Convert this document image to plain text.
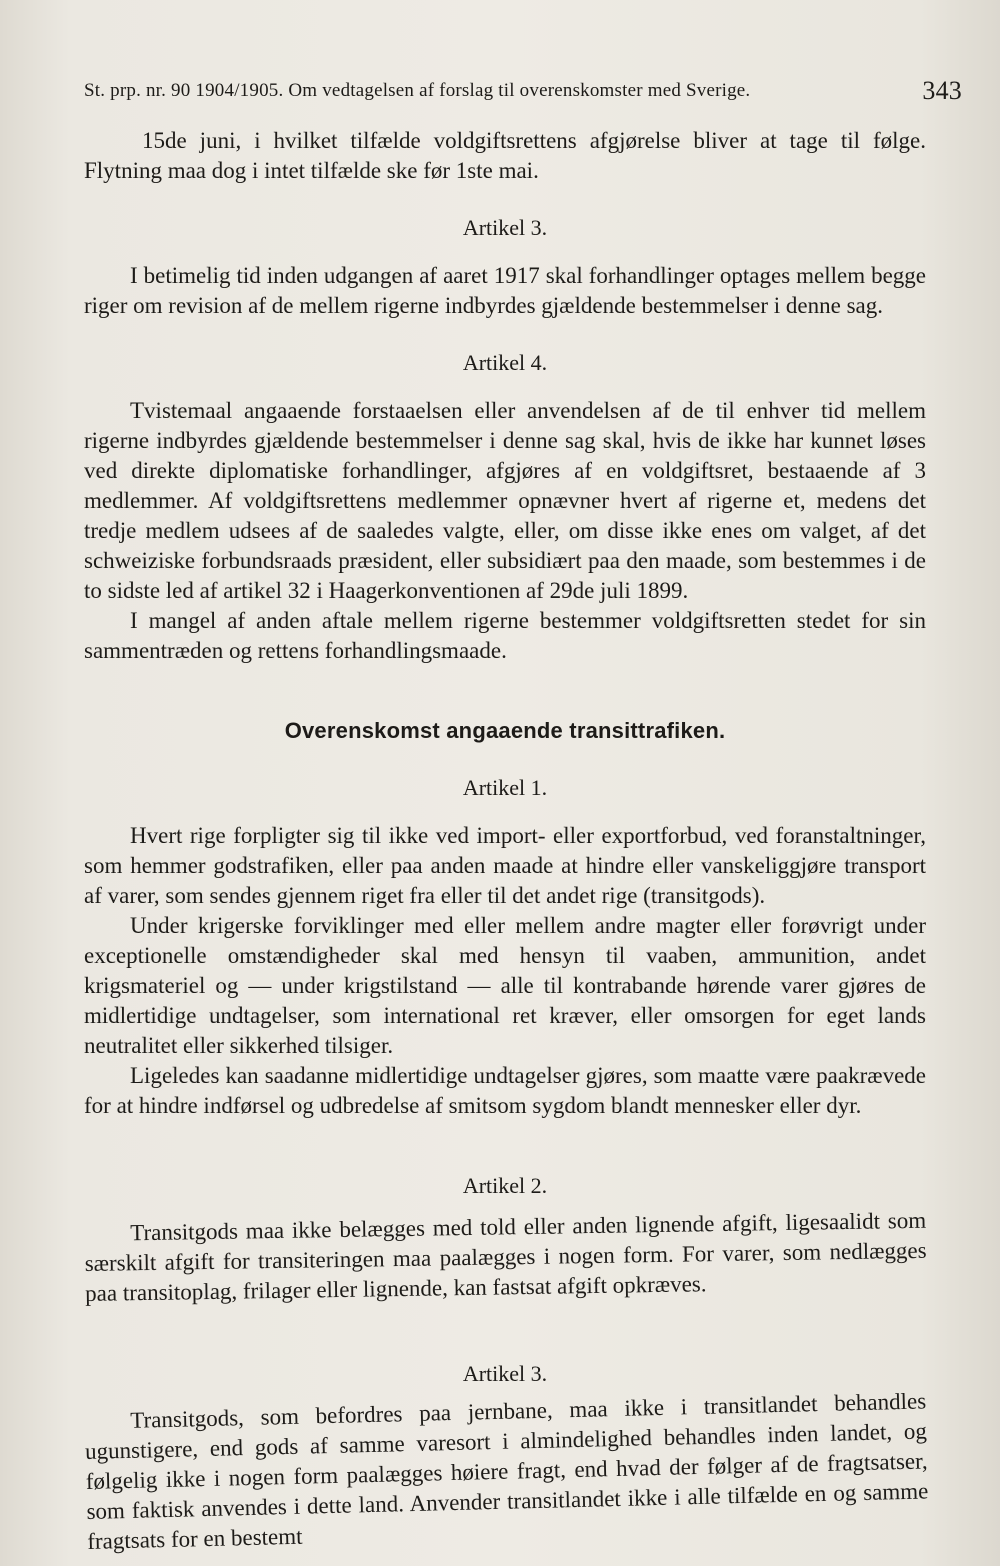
St. prp. nr. 90 1904/1905. Om vedtagelsen af forslag til overenskomster med Sverige.	343

15de juni, i hvilket tilfælde voldgiftsrettens afgjørelse bliver at tage til følge. Flytning maa dog i intet tilfælde ske før 1ste mai.

Artikel 3.

I betimelig tid inden udgangen af aaret 1917 skal forhandlinger optages mellem begge riger om revision af de mellem rigerne indbyrdes gjældende bestemmelser i denne sag.

Artikel 4.

Tvistemaal angaaende forstaaelsen eller anvendelsen af de til enhver tid mellem rigerne indbyrdes gjældende bestemmelser i denne sag skal, hvis de ikke har kunnet løses ved direkte diplomatiske forhandlinger, afgjøres af en voldgiftsret, bestaaende af 3 medlemmer. Af voldgiftsrettens medlemmer opnævner hvert af rigerne et, medens det tredje medlem udsees af de saaledes valgte, eller, om disse ikke enes om valget, af det schweiziske forbundsraads præsident, eller subsidiært paa den maade, som bestemmes i de to sidste led af artikel 32 i Haagerkonventionen af 29de juli 1899.

I mangel af anden aftale mellem rigerne bestemmer voldgiftsretten stedet for sin sammentræden og rettens forhandlingsmaade.

Overenskomst angaaende transittrafiken.
Artikel 1.

Hvert rige forpligter sig til ikke ved import- eller exportforbud, ved foranstaltninger, som hemmer godstrafiken, eller paa anden maade at hindre eller vanskeliggjøre transport af varer, som sendes gjennem riget fra eller til det andet rige (transitgods).

Under krigerske forviklinger med eller mellem andre magter eller forøvrigt under exceptionelle omstændigheder skal med hensyn til vaaben, ammunition, andet krigsmateriel og — under krigstilstand — alle til kontrabande hørende varer gjøres de midlertidige undtagelser, som international ret kræver, eller omsorgen for eget lands neutralitet eller sikkerhed tilsiger.

Ligeledes kan saadanne midlertidige undtagelser gjøres, som maatte være paakrævede for at hindre indførsel og udbredelse af smitsom sygdom blandt mennesker eller dyr.

Artikel 2.

Transitgods maa ikke belægges med told eller anden lignende afgift, ligesaalidt som særskilt afgift for transiteringen maa paalægges i nogen form. For varer, som nedlægges paa transitoplag, frilager eller lignende, kan fastsat afgift opkræves.

Artikel 3.

Transitgods, som befordres paa jernbane, maa ikke i transitlandet behandles ugunstigere, end gods af samme varesort i almindelighed behandles inden landet, og følgelig ikke i nogen form paalægges høiere fragt, end hvad der følger af de fragtsatser, som faktisk anvendes i dette land. Anvender transitlandet ikke i alle tilfælde en og samme fragtsats for en bestemt
